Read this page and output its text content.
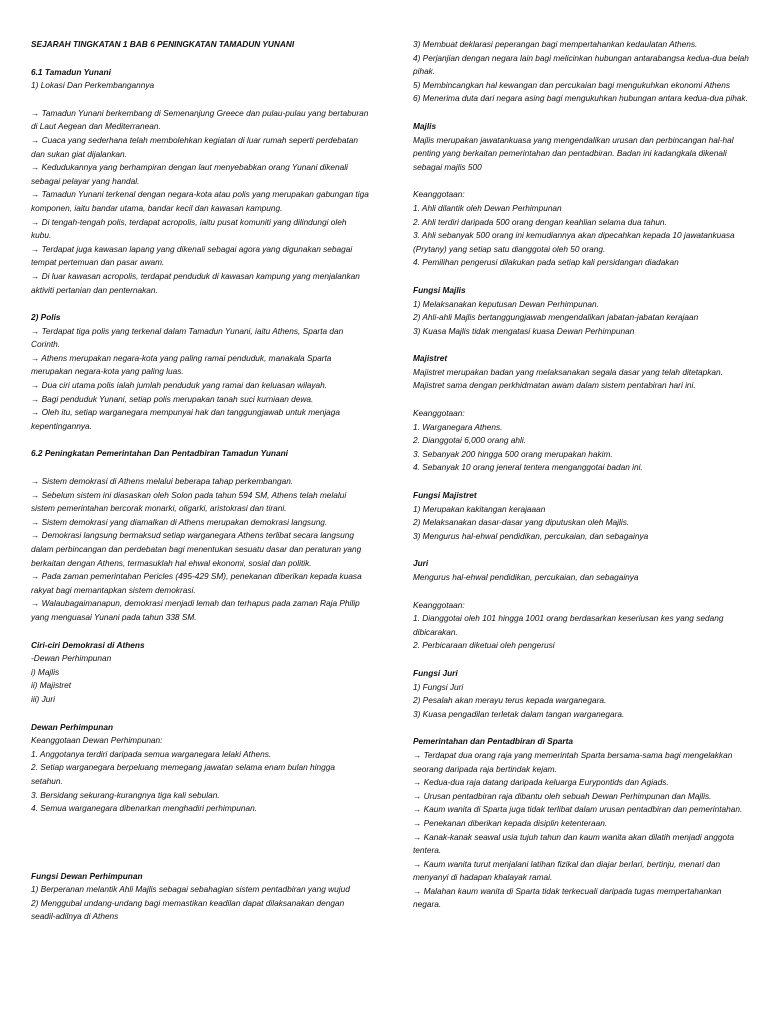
SEJARAH TINGKATAN 1 BAB 6 PENINGKATAN TAMADUN YUNANI
6.1 Tamadun Yunani
1) Lokasi Dan Perkembangannya
→ Tamadun Yunani berkembang di Semenanjung Greece dan pulau-pulau yang bertaburan di Laut Aegean dan Mediterranean.
→ Cuaca yang sederhana telah membolehkan kegiatan di luar rumah seperti perdebatan dan sukan giat dijalankan.
→ Kedudukannya yang berhampiran dengan laut menyebabkan orang Yunani dikenali sebagai pelayar yang handal.
→ Tamadun Yunani terkenal dengan negara-kota atau polis yang merupakan gabungan tiga komponen, iaitu bandar utama, bandar kecil dan kawasan kampung.
→ Di tengah-tengah polis, terdapat acropolis, iaitu pusat komuniti yang dilindungi oleh kubu.
→ Terdapat juga kawasan lapang yang dikenali sebagai agora yang digunakan sebagai tempat pertemuan dan pasar awam.
→ Di luar kawasan acropolis, terdapat penduduk di kawasan kampung yang menjalankan aktiviti pertanian dan penternakan.
2) Polis
→ Terdapat tiga polis yang terkenal dalam Tamadun Yunani, iaitu Athens, Sparta dan Corinth.
→ Athens merupakan negara-kota yang paling ramai penduduk, manakala Sparta merupakan negara-kota yang paling luas.
→ Dua ciri utama polis ialah jumlah penduduk yang ramai dan keluasan wilayah.
→ Bagi penduduk Yunani, setiap polis merupakan tanah suci kurniaan dewa.
→ Oleh itu, setiap warganegara mempunyai hak dan tanggungjawab untuk menjaga kepentingannya.
6.2 Peningkatan Pemerintahan Dan Pentadbiran Tamadun Yunani
→ Sistem demokrasi di Athens melalui beberapa tahap perkembangan.
→ Sebelum sistem ini diasaskan oleh Solon pada tahun 594 SM, Athens telah melalui sistem pemerintahan bercorak monarki, oligarki, aristokrasi dan tirani.
→ Sistem demokrasi yang diamalkan di Athens merupakan demokrasi langsung.
→ Demokrasi langsung bermaksud setiap warganegara Athens terlibat secara langsung dalam perbincangan dan perdebatan bagi menentukan sesuatu dasar dan peraturan yang berkaitan dengan Athens, termasuklah hal ehwal ekonomi, sosial dan politik.
→ Pada zaman pemerintahan Pericles (495-429 SM), penekanan diberikan kepada kuasa rakyat bagi memantapkan sistem demokrasi.
→ Walaubagaimanapun, demokrasi menjadi lemah dan terhapus pada zaman Raja Philip yang menguasai Yunani pada tahun 338 SM.
Ciri-ciri Demokrasi di Athens
-Dewan Perhimpunan
i) Majlis
ii) Majistret
iii) Juri
Dewan Perhimpunan
Keanggotaan Dewan Perhimpunan:
1. Anggotanya terdiri daripada semua warganegara lelaki Athens.
2. Setiap warganegara berpeluang memegang jawatan selama enam bulan hingga setahun.
3. Bersidang sekurang-kurangnya tiga kali sebulan.
4. Semua warganegara dibenarkan menghadiri perhimpunan.
Fungsi Dewan Perhimpunan
1) Berperanan melantik Ahli Majlis sebagai sebahagian sistem pentadbiran yang wujud
2) Menggubal undang-undang bagi memastikan keadilan dapat dilaksanakan dengan seadil-adilnya di Athens
3) Membuat deklarasi peperangan bagi mempertahankan kedaulatan Athens.
4) Perjanjian dengan negara lain bagi melicinkan hubungan antarabangsa kedua-dua belah pihak.
5) Membincangkan hal kewangan dan percukaian bagi mengukuhkan ekonomi Athens
6) Menerima duta dari negara asing bagi mengukuhkan hubungan antara kedua-dua pihak.
Majlis
Majlis merupakan jawatankuasa yang mengendalikan urusan dan perbincangan hal-hal penting yang berkaitan pemerintahan dan pentadbiran. Badan ini kadangkala dikenali sebagai majlis 500
Keanggotaan:
1. Ahli dilantik oleh Dewan Perhimpunan
2. Ahli terdiri daripada 500 orang dengan keahlian selama dua tahun.
3. Ahli sebanyak 500 orang ini kemudiannya akan dipecahkan kepada 10 jawatankuasa (Prytany) yang setiap satu dianggotai oleh 50 orang.
4. Pemilihan pengerusi dilakukan pada setiap kali persidangan diadakan
Fungsi Majlis
1) Melaksanakan keputusan Dewan Perhimpunan.
2) Ahli-ahli Majlis bertanggungjawab mengendalikan jabatan-jabatan kerajaan
3) Kuasa Majlis tidak mengatasi kuasa Dewan Perhimpunan
Majistret
Majistret merupakan badan yang melaksanakan segala dasar yang telah ditetapkan. Majistret sama dengan perkhidmatan awam dalam sistem pentabiran hari ini.
Keanggotaan:
1. Warganegara Athens.
2. Dianggotai 6,000 orang ahli.
3. Sebanyak 200 hingga 500 orang merupakan hakim.
4. Sebanyak 10 orang jeneral tentera menganggotai badan ini.
Fungsi Majistret
1) Merupakan kakitangan kerajaaan
2) Melaksanakan dasar-dasar yang diputuskan oleh Majlis.
3) Mengurus hal-ehwal pendidikan, percukaian, dan sebagainya
Juri
Mengurus hal-ehwal pendidikan, percukaian, dan sebagainya
Keanggotaan:
1. Dianggotai oleh 101 hingga 1001 orang berdasarkan keseriusan kes yang sedang dibicarakan.
2. Perbicaraan diketuai oleh pengerusi
Fungsi Juri
1) Fungsi Juri
2) Pesalah akan merayu terus kepada warganegara.
3) Kuasa pengadilan terletak dalam tangan warganegara.
Pemerintahan dan Pentadbiran di Sparta
→ Terdapat dua orang raja yang memerintah Sparta bersama-sama bagi mengelakkan seorang daripada raja bertindak kejam.
→ Kedua-dua raja datang daripada keluarga Eurypontids dan Agiads.
→ Urusan pentadbiran raja dibantu oleh sebuah Dewan Perhimpunan dan Majlis.
→ Kaum wanita di Sparta juga tidak terlibat dalam urusan pentadbiran dan pemerintahan.
→ Penekanan diberikan kepada disiplin ketenteraan.
→ Kanak-kanak seawal usia tujuh tahun dan kaum wanita akan dilatih menjadi anggota tentera.
→ Kaum wanita turut menjalani latihan fizikal dan diajar berlari, bertinju, menari dan menyanyi di hadapan khalayak ramai.
→ Malahan kaum wanita di Sparta tidak terkecuali daripada tugas mempertahankan negara.
